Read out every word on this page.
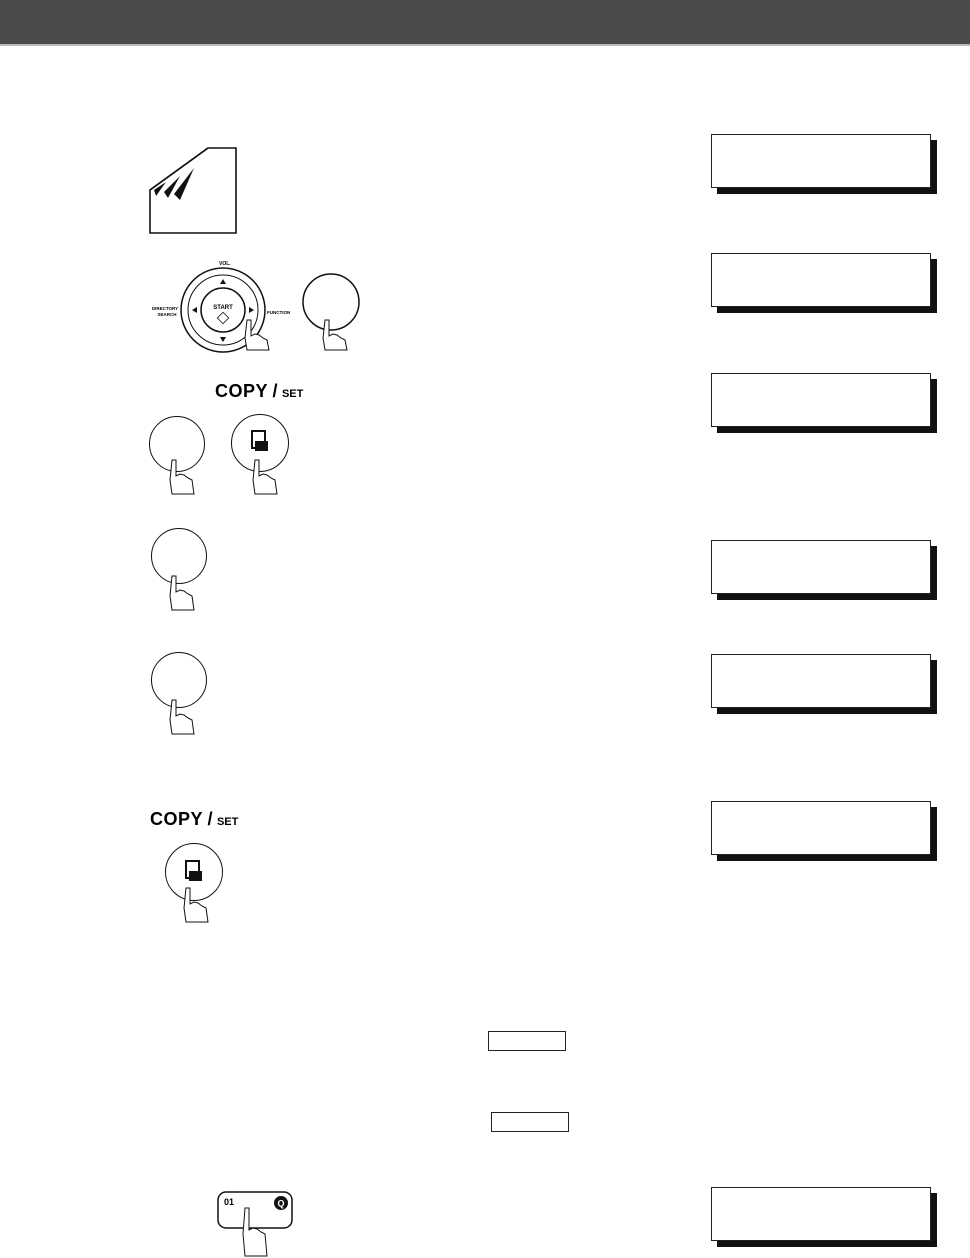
START
VOL.
DIRECTORY
SEARCH	FUNCTION
COPY / SET
COPY / SET
01	Q
